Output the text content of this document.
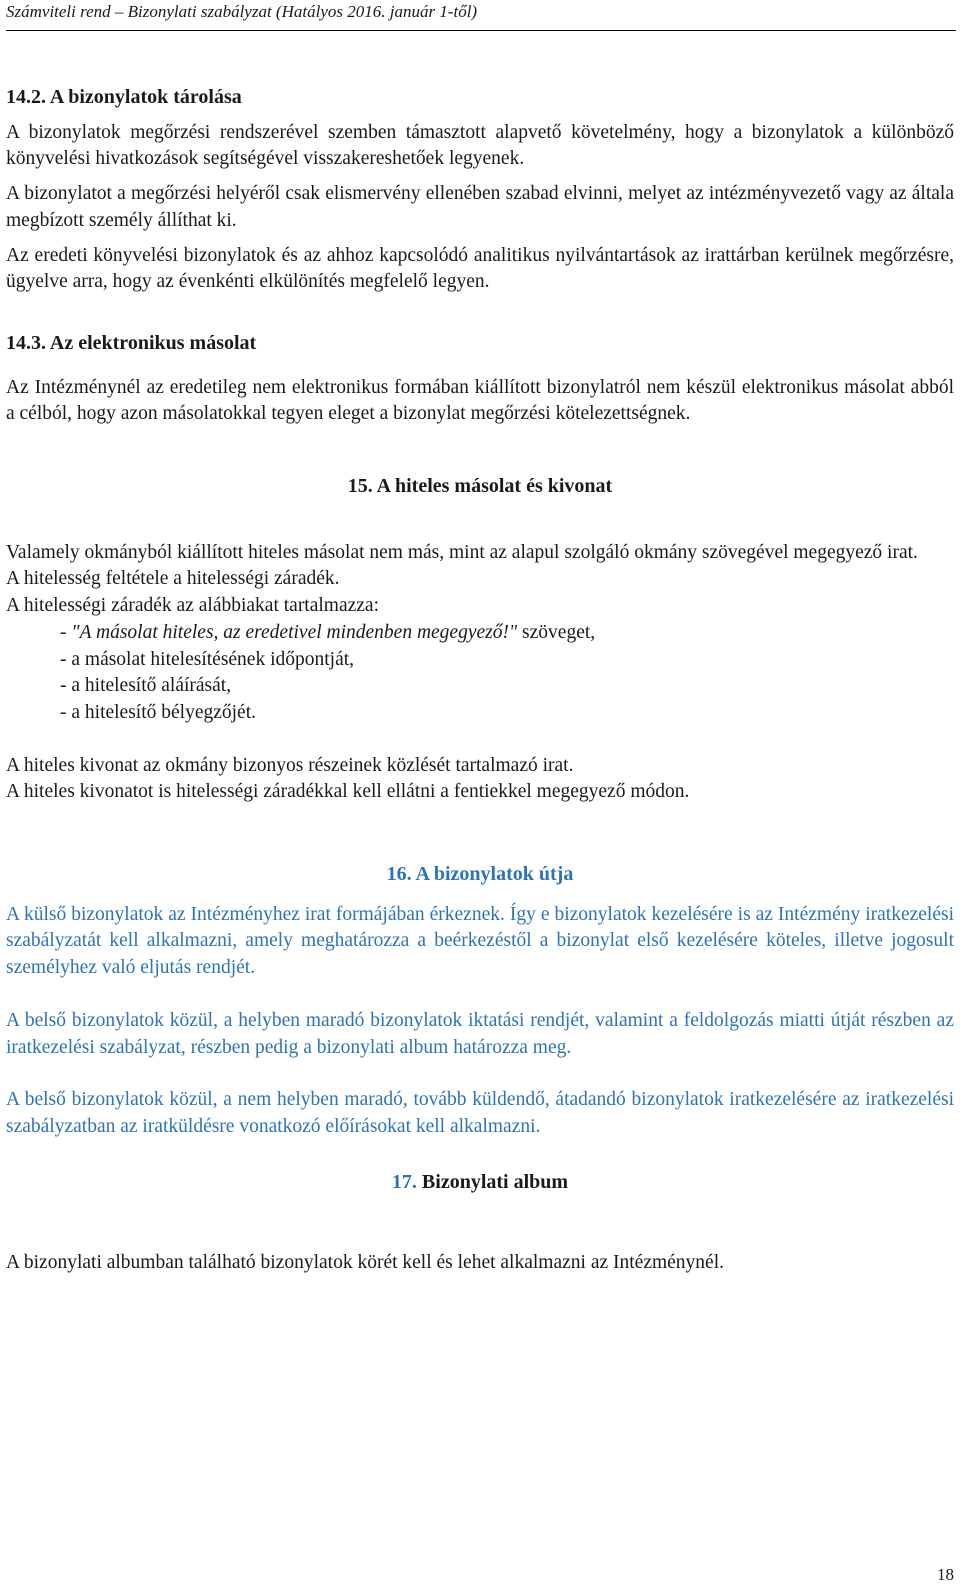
Számviteli rend – Bizonylati szabályzat (Hatályos 2016. január 1-től)

14.2. A bizonylatok tárolása

A bizonylatok megőrzési rendszerével szemben támasztott alapvető követelmény, hogy a bizonylatok a különböző könyvelési hivatkozások segítségével visszakereshetőek legyenek.

A bizonylatot a megőrzési helyéről csak elismervény ellenében szabad elvinni, melyet az intézményvezető vagy az általa megbízott személy állíthat ki.

Az eredeti könyvelési bizonylatok és az ahhoz kapcsolódó analitikus nyilvántartások az irattárban kerülnek megőrzésre, ügyelve arra, hogy az évenkénti elkülönítés megfelelő legyen.

14.3. Az elektronikus másolat

Az Intézménynél az eredetileg nem elektronikus formában kiállított bizonylatról nem készül elektronikus másolat abból a célból, hogy azon másolatokkal tegyen eleget a bizonylat megőrzési kötelezettségnek.

15. A hiteles másolat és kivonat

Valamely okmányból kiállított hiteles másolat nem más, mint az alapul szolgáló okmány szövegével megegyező irat.

A hitelesség feltétele a hitelességi záradék.

A hitelességi záradék az alábbiakat tartalmazza:

- "A másolat hiteles, az eredetivel mindenben megegyező!" szöveget,
- a másolat hitelesítésének időpontját,
- a hitelesítő aláírását,
- a hitelesítő bélyegzőjét.

A hiteles kivonat az okmány bizonyos részeinek közlését tartalmazó irat.

A hiteles kivonatot is hitelességi záradékkal kell ellátni a fentiekkel megegyező módon.

16. A bizonylatok útja

A külső bizonylatok az Intézményhez irat formájában érkeznek. Így e bizonylatok kezelésére is az Intézmény iratkezelési szabályzatát kell alkalmazni, amely meghatározza a beérkezéstől a bizonylat első kezelésére köteles, illetve jogosult személyhez való eljutás rendjét.

A belső bizonylatok közül, a helyben maradó bizonylatok iktatási rendjét, valamint a feldolgozás miatti útját részben az iratkezelési szabályzat, részben pedig a bizonylati album határozza meg.

A belső bizonylatok közül, a nem helyben maradó, tovább küldendő, átadandó bizonylatok iratkezelésére az iratkezelési szabályzatban az iratküldésre vonatkozó előírásokat kell alkalmazni.

17. Bizonylati album

A bizonylati albumban található bizonylatok körét kell és lehet alkalmazni az Intézménynél.

18
